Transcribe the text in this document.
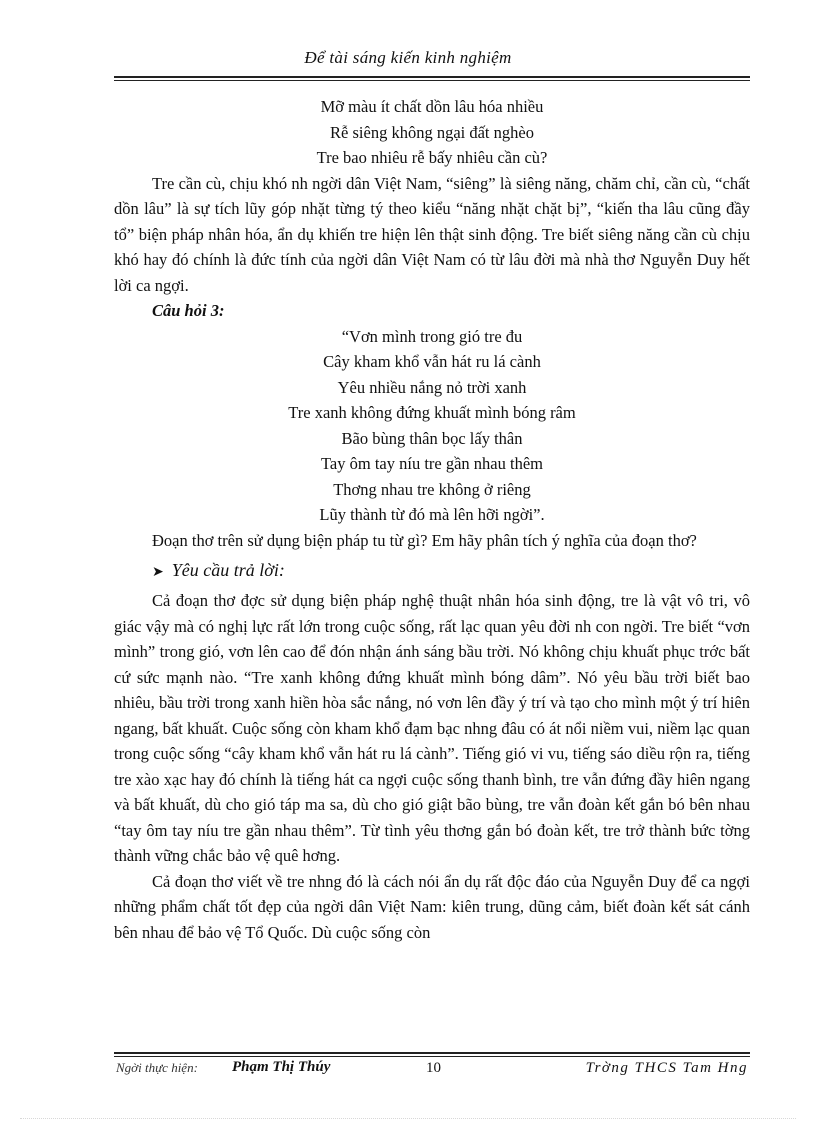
Để tài sáng kiến kinh nghiệm

Mỡ màu ít chất dồn lâu hóa nhiều

Rễ siêng không ngại đất nghèo

Tre bao nhiêu rễ bấy nhiêu cần cù?

Tre cần cù, chịu khó nh ngời dân Việt Nam, “siêng” là siêng năng, chăm chỉ, cần cù, “chất dồn lâu” là sự tích lũy góp nhặt từng tý theo kiểu “năng nhặt chặt bị”, “kiến tha lâu cũng đầy tổ” biện pháp nhân hóa, ẩn dụ khiến tre hiện lên thật sinh động. Tre biết siêng năng cần cù chịu khó hay đó chính là đức tính của ngời dân Việt Nam có từ lâu đời mà nhà thơ Nguyễn Duy hết lời ca ngợi.

Câu hỏi 3:

“Vơn mình trong gió tre đu

Cây kham khổ vẫn hát ru lá cành

Yêu nhiều nắng nỏ trời xanh

Tre xanh không đứng khuất mình bóng râm

Bão bùng thân bọc lấy thân

Tay ôm tay níu tre gần nhau thêm

Thơng nhau tre không ở riêng

Lũy thành từ đó mà lên hỡi ngời”.

Đoạn thơ trên sử dụng biện pháp tu từ gì? Em hãy phân tích ý nghĩa của đoạn thơ?

➤ Yêu cầu trả lời:

Cả đoạn thơ đợc sử dụng biện pháp nghệ thuật nhân hóa sinh động, tre là vật vô tri, vô giác vậy mà có nghị lực rất lớn trong cuộc sống, rất lạc quan yêu đời nh con ngời. Tre biết “vơn mình” trong gió, vơn lên cao để đón nhận ánh sáng bầu trời. Nó không chịu khuất phục trớc bất cứ sức mạnh nào. “Tre xanh không đứng khuất mình bóng dâm”. Nó yêu bầu trời biết bao nhiêu, bầu trời trong xanh hiền hòa sắc nắng, nó vơn lên đầy ý trí và tạo cho mình một ý trí hiên ngang, bất khuất. Cuộc sống còn kham khổ đạm bạc nhng đâu có át nổi niềm vui, niềm lạc quan trong cuộc sống “cây kham khổ vẫn hát ru lá cành”. Tiếng gió vi vu, tiếng sáo diều rộn ra, tiếng tre xào xạc hay đó chính là tiếng hát ca ngợi cuộc sống thanh bình, tre vẫn đứng đầy hiên ngang và bất khuất, dù cho gió táp ma sa, dù cho gió giật bão bùng, tre vẫn đoàn kết gắn bó bên nhau “tay ôm tay níu tre gần nhau thêm”. Từ tình yêu thơng gắn bó đoàn kết, tre trở thành bức tờng thành vững chắc bảo vệ quê hơng.

Cả đoạn thơ viết về tre nhng đó là cách nói ẩn dụ rất độc đáo của Nguyễn Duy để ca ngợi những phẩm chất tốt đẹp của ngời dân Việt Nam: kiên trung, dũng cảm, biết đoàn kết sát cánh bên nhau để bảo vệ Tổ Quốc. Dù cuộc sống còn

Ngời thực hiện: Phạm Thị Thúy	10	Trờng THCS Tam Hng
